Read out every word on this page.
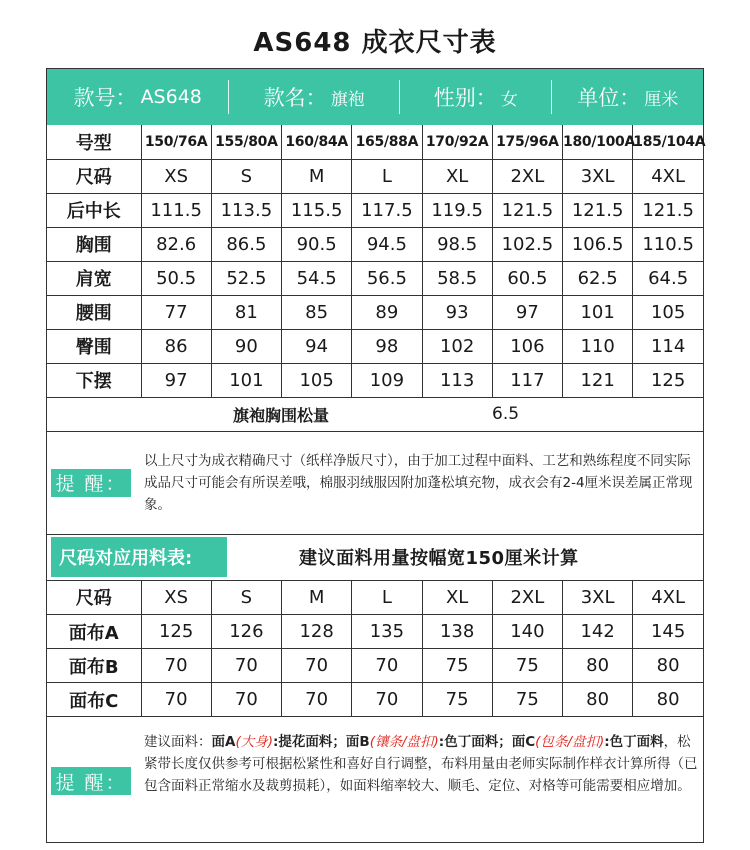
AS648 成衣尺寸表
款号： AS648	款名： 旗袍	性别： 女	单位： 厘米
号型	150/76A	155/80A	160/84A	165/88A	170/92A	175/96A	180/100A	185/104A
尺码	XS	S	M	L	XL	2XL	3XL	4XL
后中长	111.5	113.5	115.5	117.5	119.5	121.5	121.5	121.5
胸围	82.6	86.5	90.5	94.5	98.5	102.5	106.5	110.5
肩宽	50.5	52.5	54.5	56.5	58.5	60.5	62.5	64.5
腰围	77	81	85	89	93	97	101	105
臀围	86	90	94	98	102	106	110	114
下摆	97	101	105	109	113	117	121	125
旗袍胸围松量	6.5
提 醒：
以上尺寸为成衣精确尺寸（纸样净版尺寸），由于加工过程中面料、工艺和熟练程度不同实际成品尺寸可能会有所误差哦，棉服羽绒服因附加蓬松填充物，成衣会有2-4厘米误差属正常现象。
尺码对应用料表:	建议面料用量按幅宽150厘米计算
尺码	XS	S	M	L	XL	2XL	3XL	4XL
面布A	125	126	128	135	138	140	142	145
面布B	70	70	70	70	75	75	80	80
面布C	70	70	70	70	75	75	80	80
提 醒：
建议面料：面A(大身):提花面料；面B(镶条/盘扣):色丁面料；面C(包条/盘扣):色丁面料，松紧带长度仅供参考可根据松紧性和喜好自行调整，布料用量由老师实际制作样衣计算所得（已包含面料正常缩水及裁剪损耗），如面料缩率较大、顺毛、定位、对格等可能需要相应增加。
